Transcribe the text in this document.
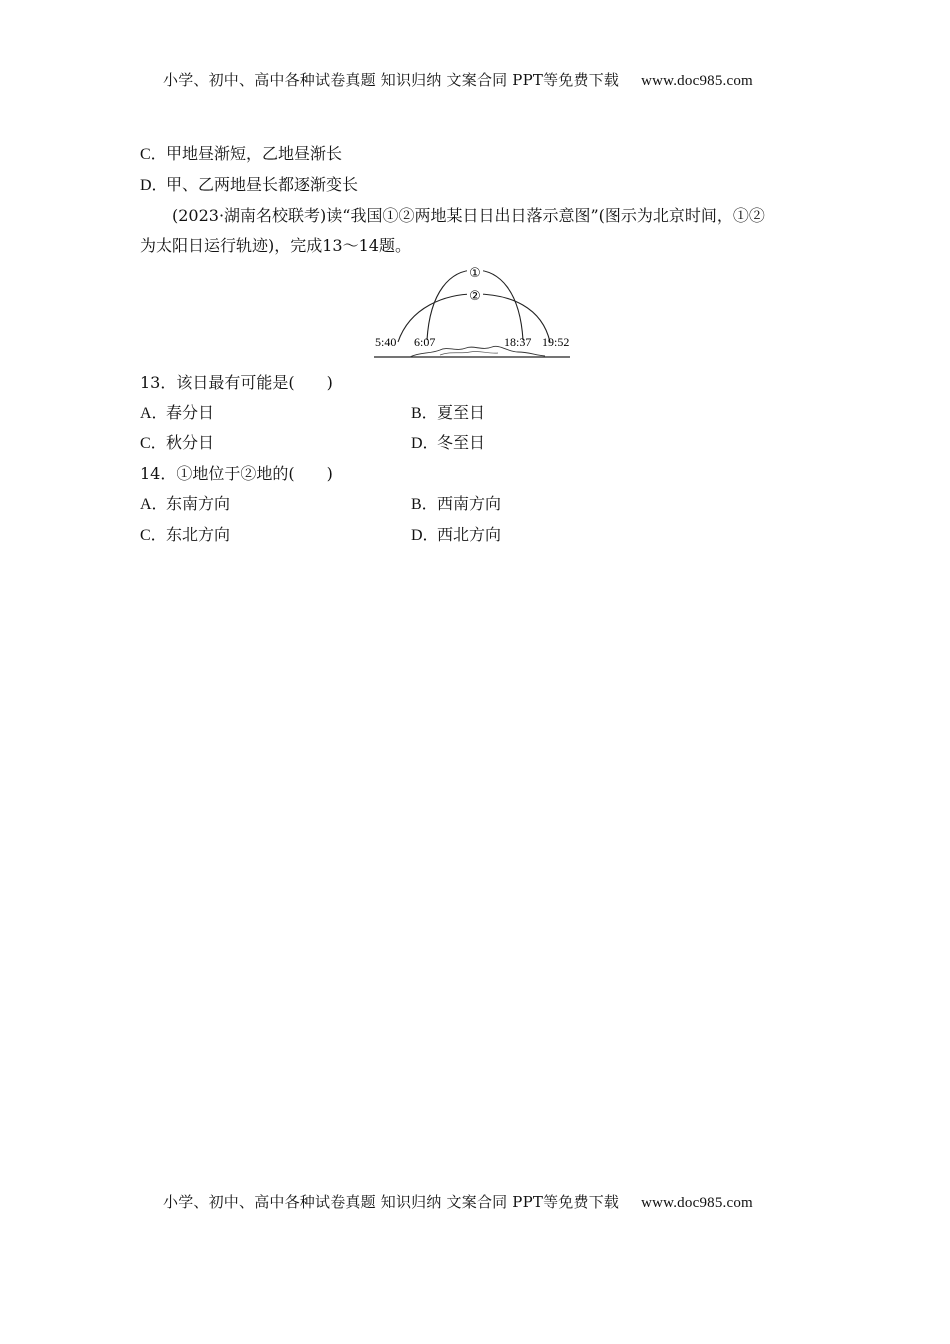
小学、初中、高中各种试卷真题 知识归纳 文案合同 PPT等免费下载 www.doc985.com
C．甲地昼渐短，乙地昼渐长
D．甲、乙两地昼长都逐渐变长
(2023·湖南名校联考)读“我国①②两地某日日出日落示意图”(图示为北京时间，①②
为太阳日运行轨迹)，完成13～14题。
①
②
5:40 6:07	18:37 19:52
13．该日最有可能是(　　)
A．春分日	B．夏至日
C．秋分日	D．冬至日
14．①地位于②地的(　　)
A．东南方向	B．西南方向
C．东北方向	D．西北方向
小学、初中、高中各种试卷真题 知识归纳 文案合同 PPT等免费下载 www.doc985.com
